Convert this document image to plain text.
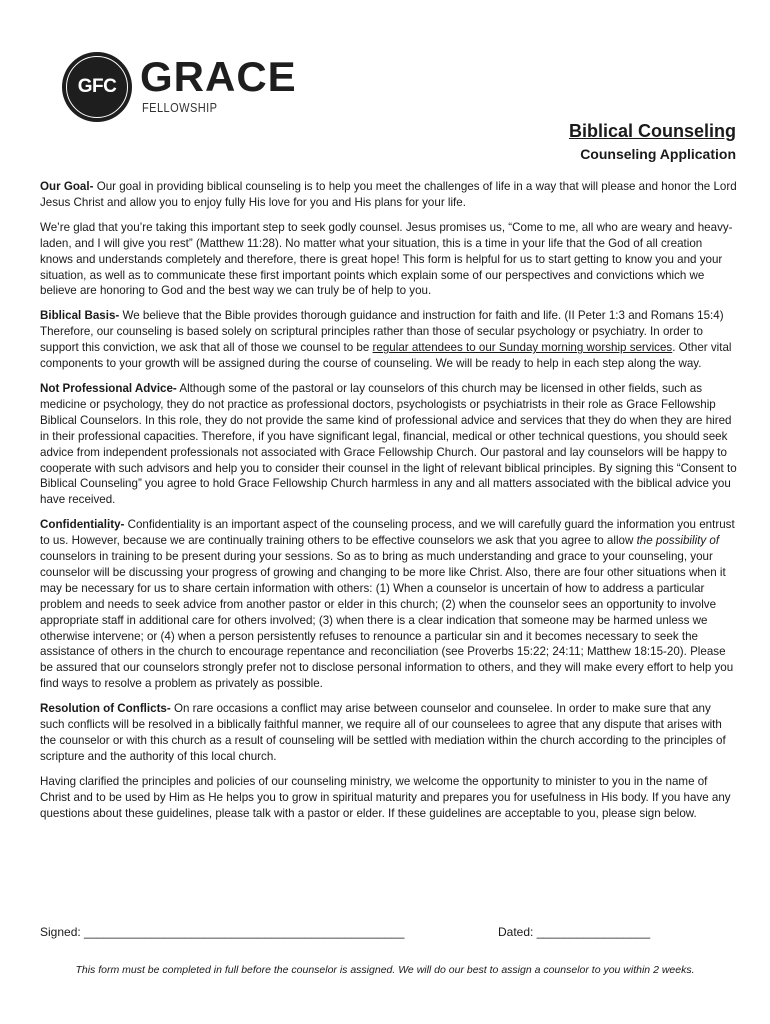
GFC GRACE
FELLOWSHIP
Biblical Counseling
Counseling Application

Our Goal- Our goal in providing biblical counseling is to help you meet the challenges of life in a way that will please and honor the Lord Jesus Christ and allow you to enjoy fully His love for you and His plans for your life.

We’re glad that you’re taking this important step to seek godly counsel. Jesus promises us, “Come to me, all who are weary and heavy-laden, and I will give you rest” (Matthew 11:28). No matter what your situation, this is a time in your life that the God of all creation knows and understands completely and therefore, there is great hope! This form is helpful for us to start getting to know you and your situation, as well as to communicate these first important points which explain some of our perspectives and convictions which we believe are honoring to God and the best way we can truly be of help to you.

Biblical Basis- We believe that the Bible provides thorough guidance and instruction for faith and life. (II Peter 1:3 and Romans 15:4) Therefore, our counseling is based solely on scriptural principles rather than those of secular psychology or psychiatry. In order to support this conviction, we ask that all of those we counsel to be regular attendees to our Sunday morning worship services. Other vital components to your growth will be assigned during the course of counseling. We will be ready to help in each step along the way.

Not Professional Advice- Although some of the pastoral or lay counselors of this church may be licensed in other fields, such as medicine or psychology, they do not practice as professional doctors, psychologists or psychiatrists in their role as Grace Fellowship Biblical Counselors. In this role, they do not provide the same kind of professional advice and services that they do when they are hired in their professional capacities. Therefore, if you have significant legal, financial, medical or other technical questions, you should seek advice from independent professionals not associated with Grace Fellowship Church. Our pastoral and lay counselors will be happy to cooperate with such advisors and help you to consider their counsel in the light of relevant biblical principles. By signing this “Consent to Biblical Counseling” you agree to hold Grace Fellowship Church harmless in any and all matters associated with the biblical advice you have received.

Confidentiality- Confidentiality is an important aspect of the counseling process, and we will carefully guard the information you entrust to us. However, because we are continually training others to be effective counselors we ask that you agree to allow the possibility of counselors in training to be present during your sessions. So as to bring as much understanding and grace to your counseling, your counselor will be discussing your progress of growing and changing to be more like Christ. Also, there are four other situations when it may be necessary for us to share certain information with others: (1) When a counselor is uncertain of how to address a particular problem and needs to seek advice from another pastor or elder in this church; (2) when the counselor sees an opportunity to involve appropriate staff in additional care for others involved; (3) when there is a clear indication that someone may be harmed unless we otherwise intervene; or (4) when a person persistently refuses to renounce a particular sin and it becomes necessary to seek the assistance of others in the church to encourage repentance and reconciliation (see Proverbs 15:22; 24:11; Matthew 18:15-20). Please be assured that our counselors strongly prefer not to disclose personal information to others, and they will make every effort to help you find ways to resolve a problem as privately as possible.

Resolution of Conflicts- On rare occasions a conflict may arise between counselor and counselee. In order to make sure that any such conflicts will be resolved in a biblically faithful manner, we require all of our counselees to agree that any dispute that arises with the counselor or with this church as a result of counseling will be settled with mediation within the church according to the principles of scripture and the authority of this local church.

Having clarified the principles and policies of our counseling ministry, we welcome the opportunity to minister to you in the name of Christ and to be used by Him as He helps you to grow in spiritual maturity and prepares you for usefulness in His body. If you have any questions about these guidelines, please talk with a pastor or elder. If these guidelines are acceptable to you, please sign below.

Signed: ________________________________________________	Dated: _________________
This form must be completed in full before the counselor is assigned. We will do our best to assign a counselor to you within 2 weeks.
